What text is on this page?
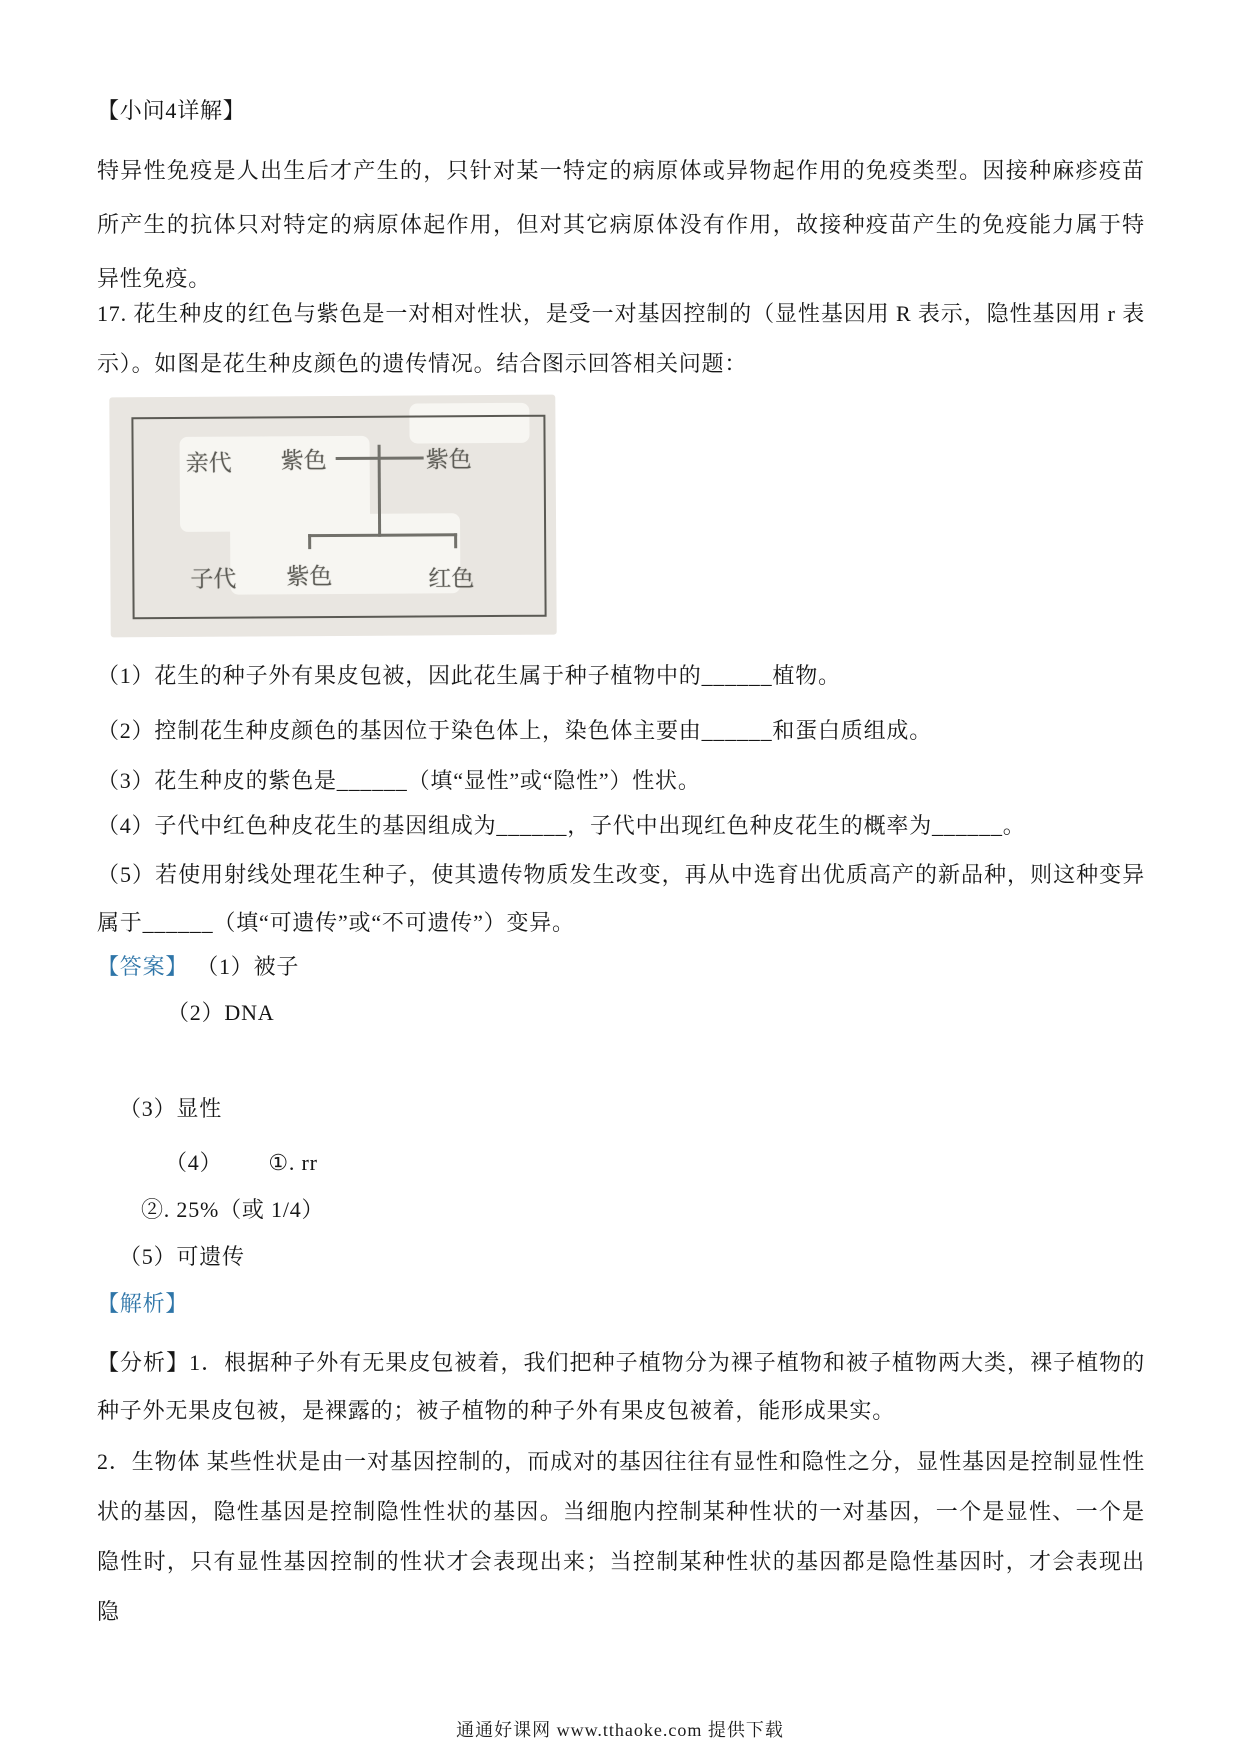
【小问4详解】
特异性免疫是人出生后才产生的，只针对某一特定的病原体或异物起作用的免疫类型。因接种麻疹疫苗所产生的抗体只对特定的病原体起作用，但对其它病原体没有作用，故接种疫苗产生的免疫能力属于特异性免疫。
17. 花生种皮的红色与紫色是一对相对性状，是受一对基因控制的（显性基因用 R 表示，隐性基因用 r 表示）。如图是花生种皮颜色的遗传情况。结合图示回答相关问题：
亲代 紫色	紫色
子代 紫色	红色
（1）花生的种子外有果皮包被，因此花生属于种子植物中的______植物。
（2）控制花生种皮颜色的基因位于染色体上，染色体主要由______和蛋白质组成。
（3）花生种皮的紫色是______（填“显性”或“隐性”）性状。
（4）子代中红色种皮花生的基因组成为______，子代中出现红色种皮花生的概率为______。
（5）若使用射线处理花生种子，使其遗传物质发生改变，再从中选育出优质高产的新品种，则这种变异属于______（填“可遗传”或“不可遗传”）变异。
【答案】 （1）被子
（2）DNA
（3）显性
（4） ①. rr
②. 25%（或 1/4）
（5）可遗传
【解析】
【分析】1．根据种子外有无果皮包被着，我们把种子植物分为裸子植物和被子植物两大类，裸子植物的种子外无果皮包被，是裸露的；被子植物的种子外有果皮包被着，能形成果实。
2．生物体 某些性状是由一对基因控制的，而成对的基因往往有显性和隐性之分，显性基因是控制显性性状的基因，隐性基因是控制隐性性状的基因。当细胞内控制某种性状的一对基因，一个是显性、一个是隐性时，只有显性基因控制的性状才会表现出来；当控制某种性状的基因都是隐性基因时，才会表现出隐
通通好课网 www.tthaoke.com 提供下载
